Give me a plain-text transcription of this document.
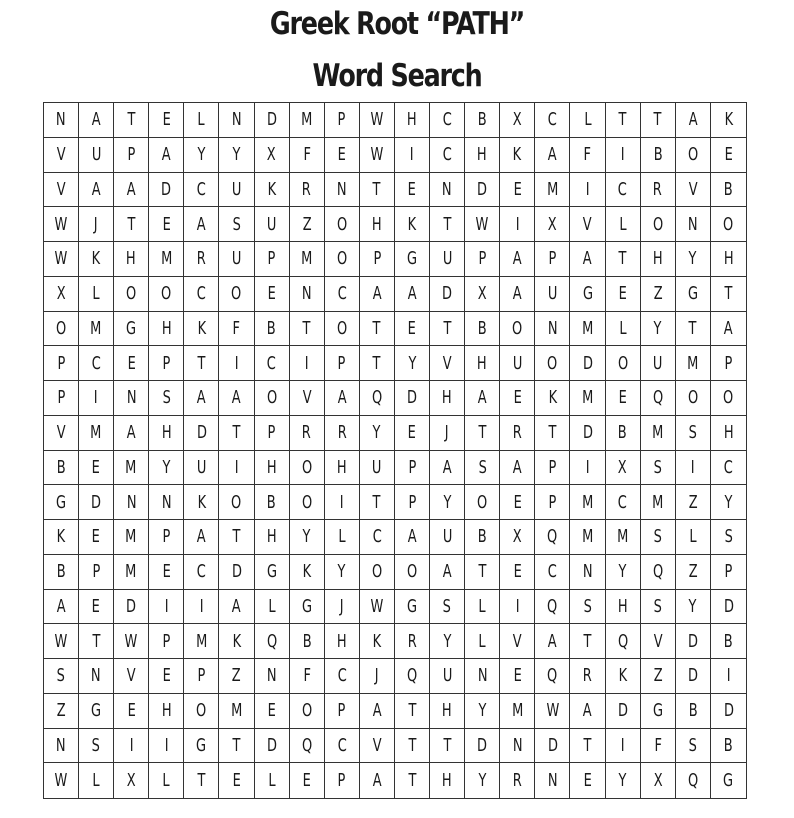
Greek Root “PATH”
Word Search
N A T E L N D M P W H C B X C L T T A K
V U P A Y Y X F E W I C H K A F I B O E
V A A D C U K R N T E N D E M I C R V B
W J T E A S U Z O H K T W I X V L O N O
W K H M R U P M O P G U P A P A T H Y H
X L O O C O E N C A A D X A U G E Z G T
O M G H K F B T O T E T B O N M L Y T A
P C E P T I C I P T Y V H U O D O U M P
P I N S A A O V A Q D H A E K M E Q O O
V M A H D T P R R Y E J T R T D B M S H
B E M Y U I H O H U P A S A P I X S I C
G D N N K O B O I T P Y O E P M C M Z Y
K E M P A T H Y L C A U B X Q M M S L S
B P M E C D G K Y O O A T E C N Y Q Z P
A E D I I A L G J W G S L I Q S H S Y D
W T W P M K Q B H K R Y L V A T Q V D B
S N V E P Z N F C J Q U N E Q R K Z D I
Z G E H O M E O P A T H Y M W A D G B D
N S I I G T D Q C V T T D N D T I F S B
W L X L T E L E P A T H Y R N E Y X Q G
